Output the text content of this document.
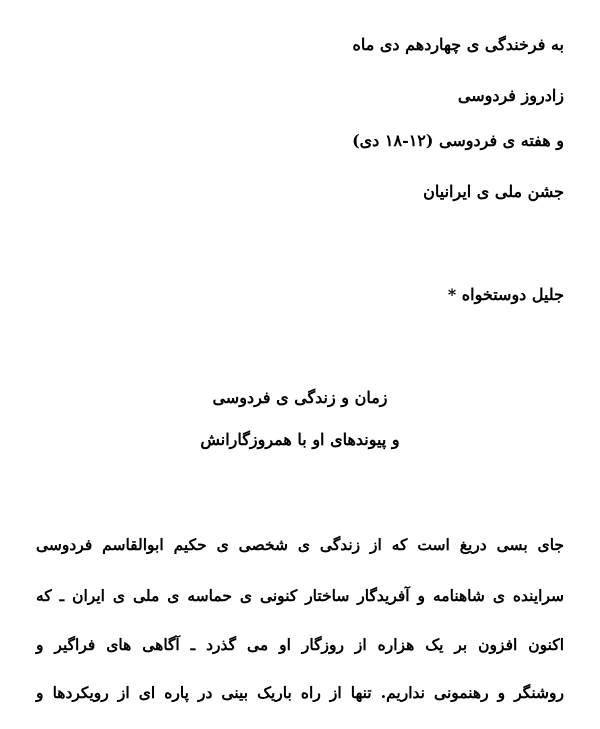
به فرخندگی ی چهاردهم دی ماه
زادروز فردوسی
و هفته ی فردوسی (۱۲-۱۸ دی)
جشن ملی ی ایرانیان
جلیل دوستخواه *
زمان و زندگی ی فردوسی
و پیوندهای او با همروزگارانش
جای بسی دریغ است که از زندگی ی شخصی ی حکیم ابوالقاسم فردوسی
سراینده ی شاهنامه و آفریدگار ساختار کنونی ی حماسه ی ملی ی ایران ـ که
اکنون افزون بر یک هزاره از روزگار او می گذرد ـ آگاهی های فراگیر و
روشنگر و رهنمونی نداریم. تنها از راه باریک بینی در پاره ای از رویکردها و
